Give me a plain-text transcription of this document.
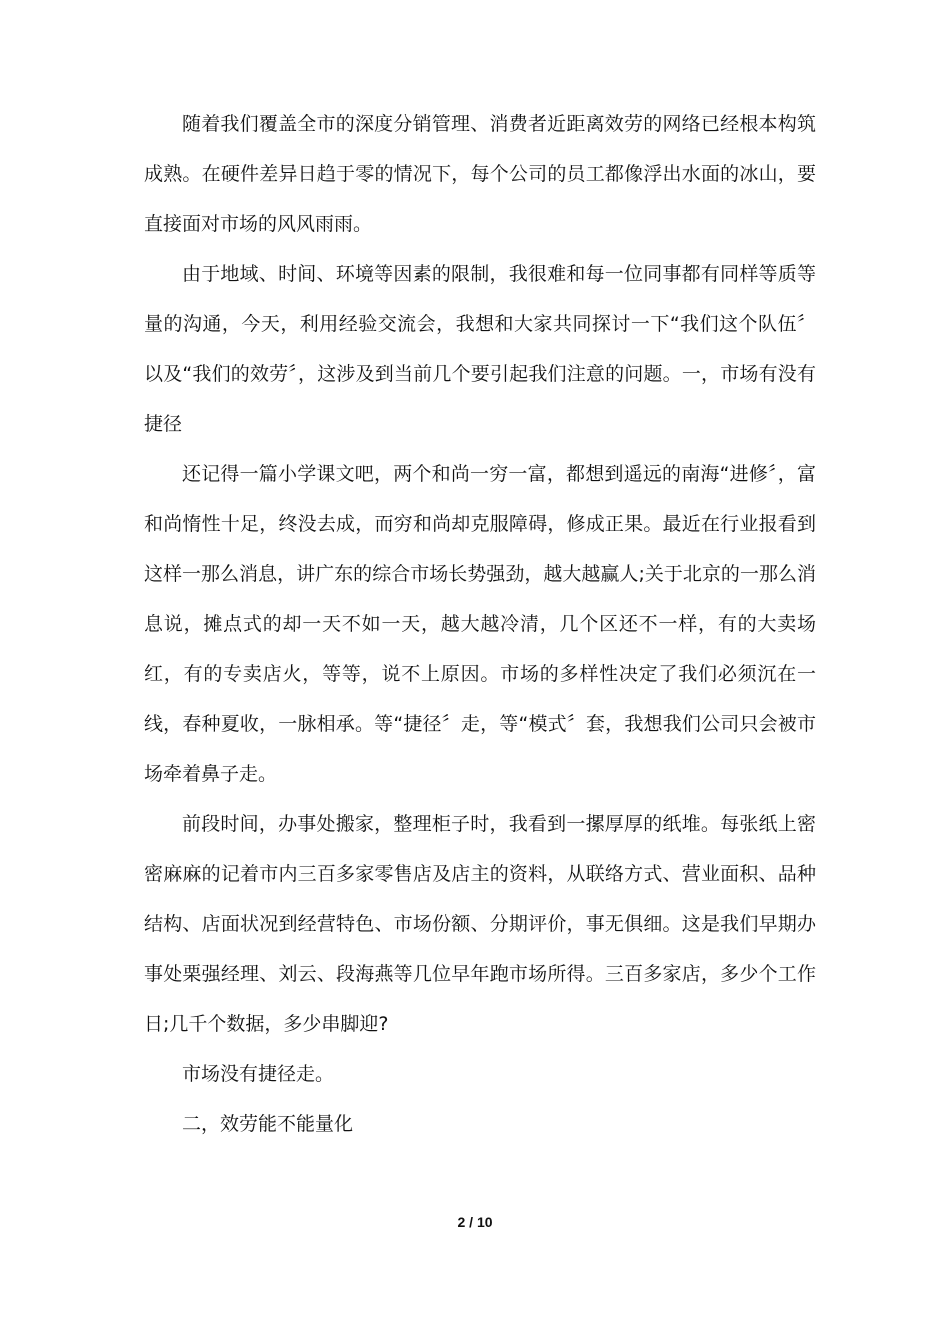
随着我们覆盖全市的深度分销管理、消费者近距离效劳的网络已经根本构筑成熟。在硬件差异日趋于零的情况下，每个公司的员工都像浮出水面的冰山，要直接面对市场的风风雨雨。

由于地域、时间、环境等因素的限制，我很难和每一位同事都有同样等质等量的沟通，今天，利用经验交流会，我想和大家共同探讨一下“我们这个队伍〞以及“我们的效劳〞，这涉及到当前几个要引起我们注意的问题。一，市场有没有捷径

还记得一篇小学课文吧，两个和尚一穷一富，都想到遥远的南海“进修〞，富和尚惰性十足，终没去成，而穷和尚却克服障碍，修成正果。最近在行业报看到这样一那么消息，讲广东的综合市场长势强劲，越大越赢人;关于北京的一那么消息说，摊点式的却一天不如一天，越大越冷清，几个区还不一样，有的大卖场红，有的专卖店火，等等，说不上原因。市场的多样性决定了我们必须沉在一线，春种夏收，一脉相承。等“捷径〞走，等“模式〞套，我想我们公司只会被市场牵着鼻子走。

前段时间，办事处搬家，整理柜子时，我看到一摞厚厚的纸堆。每张纸上密密麻麻的记着市内三百多家零售店及店主的资料，从联络方式、营业面积、品种结构、店面状况到经营特色、市场份额、分期评价，事无俱细。这是我们早期办事处栗强经理、刘云、段海燕等几位早年跑市场所得。三百多家店，多少个工作日;几千个数据，多少串脚迎?

市场没有捷径走。

二，效劳能不能量化

2 / 10
